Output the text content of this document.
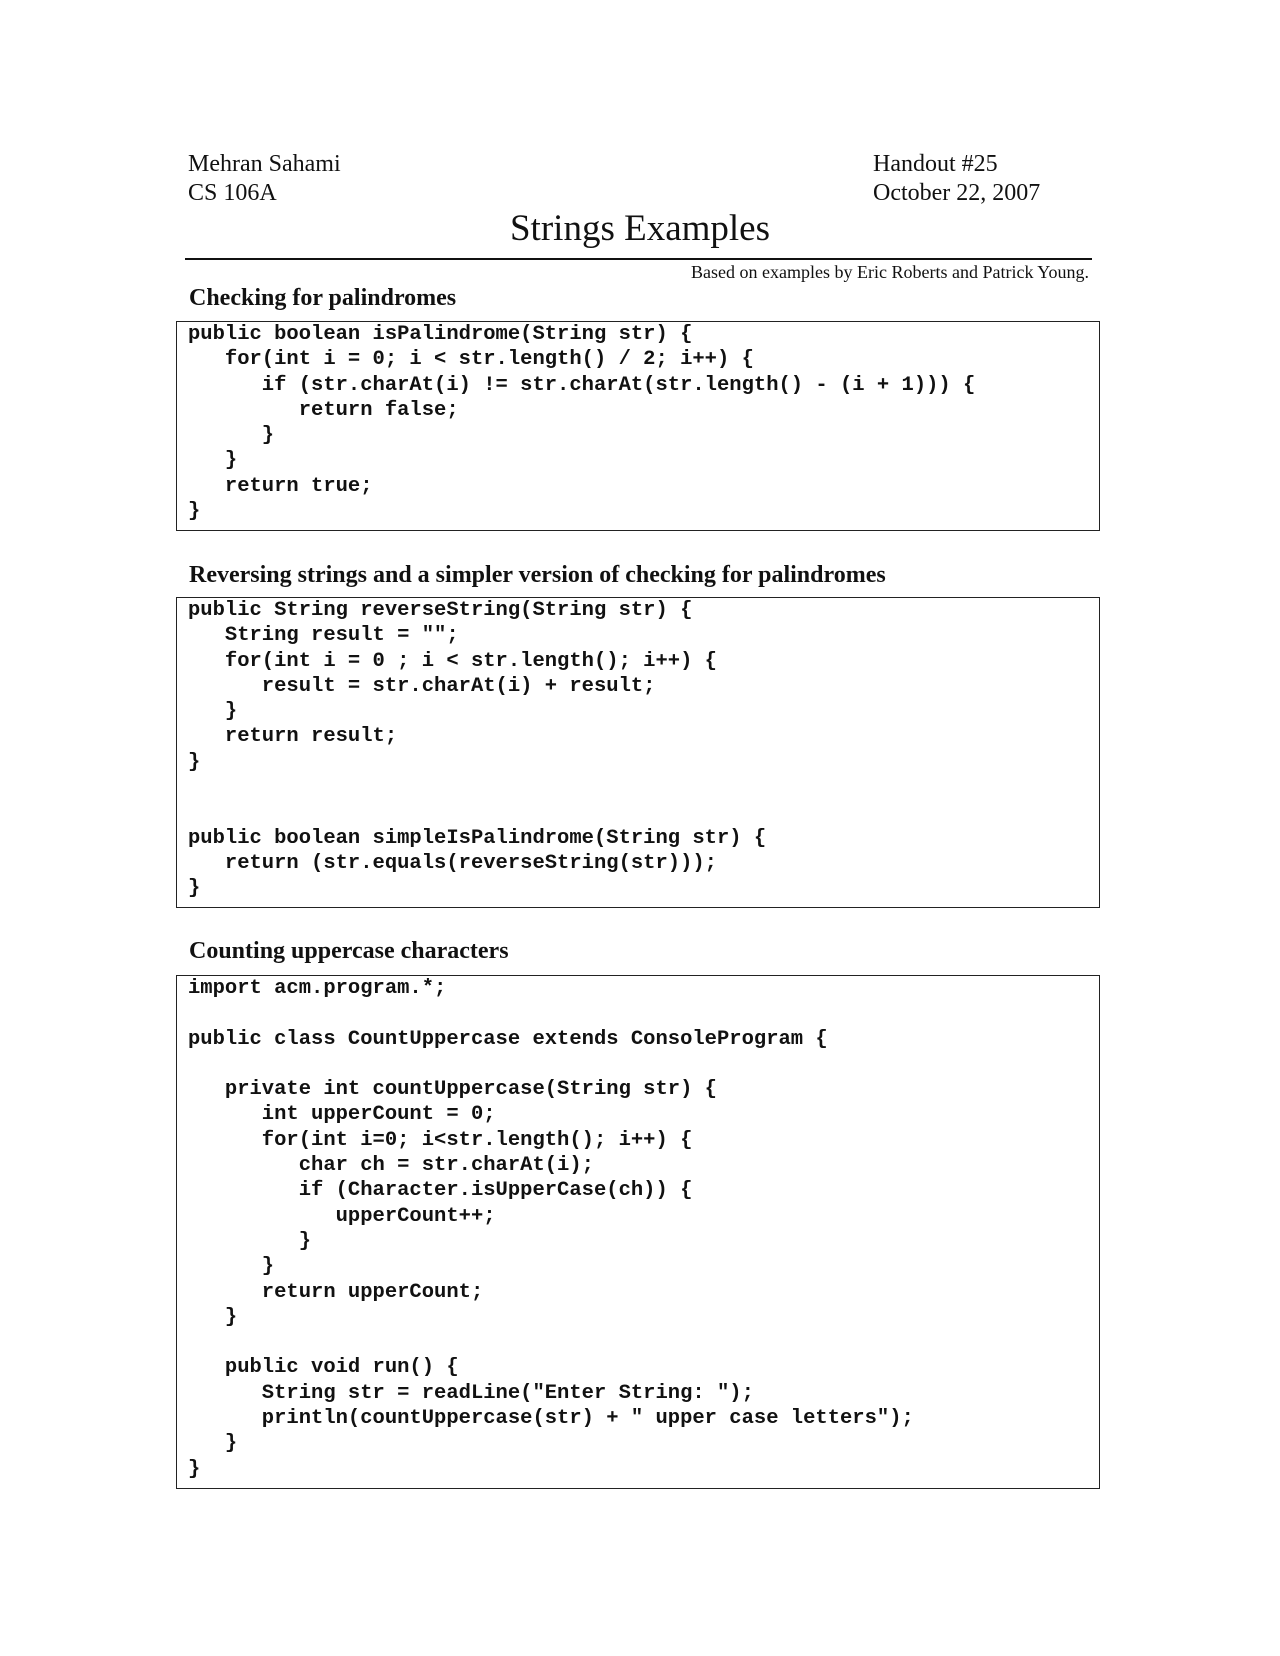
Mehran Sahami
CS 106A
Handout #25
October 22, 2007
Strings Examples
Based on examples by Eric Roberts and Patrick Young.
Checking for palindromes
public boolean isPalindrome(String str) {
for(int i = 0; i < str.length() / 2; i++) {
if (str.charAt(i) != str.charAt(str.length() - (i + 1))) {
return false;
}
}
return true;
}
Reversing strings and a simpler version of checking for palindromes
public String reverseString(String str) {
String result = "";
for(int i = 0 ; i < str.length(); i++) {
result = str.charAt(i) + result;
}
return result;
}

public boolean simpleIsPalindrome(String str) {
return (str.equals(reverseString(str)));
}
Counting uppercase characters
import acm.program.*;

public class CountUppercase extends ConsoleProgram {

private int countUppercase(String str) {
int upperCount = 0;
for(int i=0; i<str.length(); i++) {
char ch = str.charAt(i);
if (Character.isUpperCase(ch)) {
upperCount++;
}
}
return upperCount;
}

public void run() {
String str = readLine("Enter String: ");
println(countUppercase(str) + " upper case letters");
}
}
